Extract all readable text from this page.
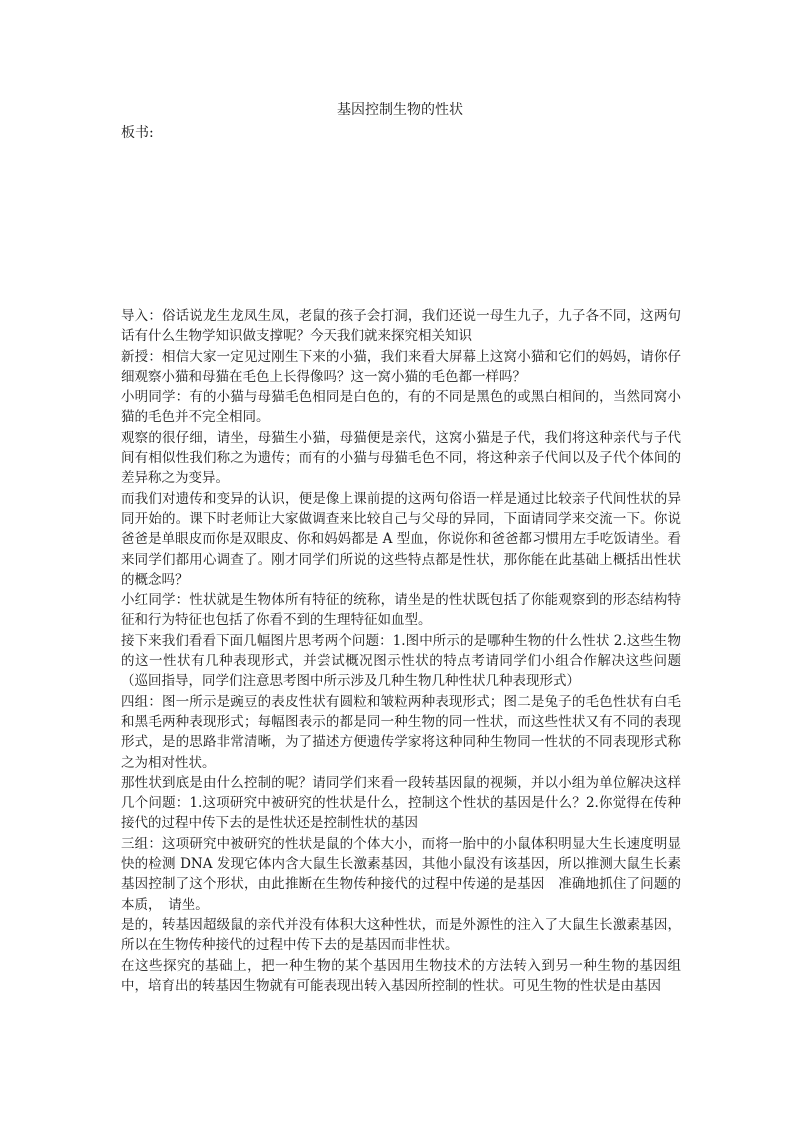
基因控制生物的性状
板书:

导入：俗话说龙生龙凤生凤，老鼠的孩子会打洞，我们还说一母生九子，九子各不同，这两句话有什么生物学知识做支撑呢？今天我们就来探究相关知识

新授：相信大家一定见过刚生下来的小猫，我们来看大屏幕上这窝小猫和它们的妈妈，请你仔细观察小猫和母猫在毛色上长得像吗？这一窝小猫的毛色都一样吗？

小明同学：有的小猫与母猫毛色相同是白色的，有的不同是黑色的或黑白相间的，当然同窝小猫的毛色并不完全相同。

观察的很仔细，请坐，母猫生小猫，母猫便是亲代，这窝小猫是子代，我们将这种亲代与子代间有相似性我们称之为遗传；而有的小猫与母猫毛色不同，将这种亲子代间以及子代个体间的差异称之为变异。

而我们对遗传和变异的认识，便是像上课前提的这两句俗语一样是通过比较亲子代间性状的异同开始的。课下时老师让大家做调查来比较自己与父母的异同，下面请同学来交流一下。你说爸爸是单眼皮而你是双眼皮、你和妈妈都是 A 型血，你说你和爸爸都习惯用左手吃饭请坐。看来同学们都用心调查了。刚才同学们所说的这些特点都是性状，那你能在此基础上概括出性状的概念吗？

小红同学：性状就是生物体所有特征的统称，请坐是的性状既包括了你能观察到的形态结构特征和行为特征也包括了你看不到的生理特征如血型。

接下来我们看看下面几幅图片思考两个问题：1.图中所示的是哪种生物的什么性状 2.这些生物的这一性状有几种表现形式，并尝试概况图示性状的特点考请同学们小组合作解决这些问题（巡回指导，同学们注意思考图中所示涉及几种生物几种性状几种表现形式）

四组：图一所示是豌豆的表皮性状有圆粒和皱粒两种表现形式；图二是兔子的毛色性状有白毛和黑毛两种表现形式；每幅图表示的都是同一种生物的同一性状，而这些性状又有不同的表现形式，是的思路非常清晰，为了描述方便遗传学家将这种同种生物同一性状的不同表现形式称之为相对性状。

那性状到底是由什么控制的呢？请同学们来看一段转基因鼠的视频，并以小组为单位解决这样几个问题：1.这项研究中被研究的性状是什么，控制这个性状的基因是什么？2.你觉得在传种接代的过程中传下去的是性状还是控制性状的基因

三组：这项研究中被研究的性状是鼠的个体大小，而将一胎中的小鼠体积明显大生长速度明显快的检测 DNA 发现它体内含大鼠生长激素基因，其他小鼠没有该基因，所以推测大鼠生长素基因控制了这个形状，由此推断在生物传种接代的过程中传递的是基因　准确地抓住了问题的本质，　请坐。

是的，转基因超级鼠的亲代并没有体积大这种性状，而是外源性的注入了大鼠生长激素基因，所以在生物传种接代的过程中传下去的是基因而非性状。

在这些探究的基础上，把一种生物的某个基因用生物技术的方法转入到另一种生物的基因组中，培育出的转基因生物就有可能表现出转入基因所控制的性状。可见生物的性状是由基因
